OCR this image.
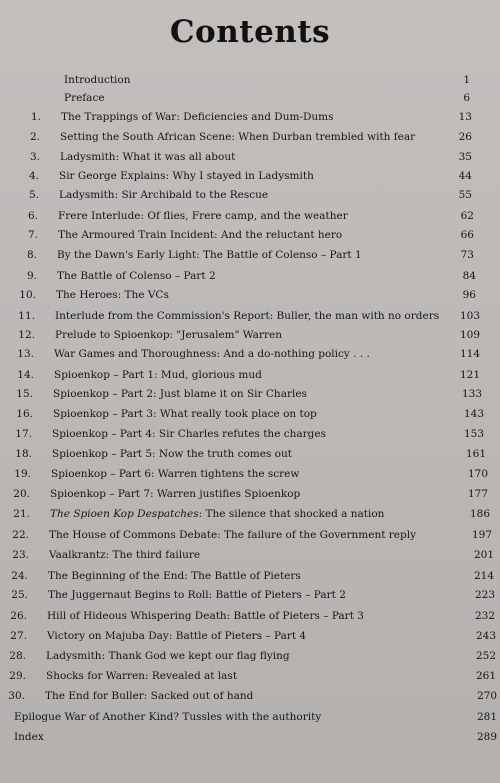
Contents
Introduction	1
Preface	6
1. The Trappings of War: Deficiencies and Dum-Dums	13
2. Setting the South African Scene: When Durban trembled with fear	26
3. Ladysmith: What it was all about	35
4. Sir George Explains: Why I stayed in Ladysmith	44
5. Ladysmith: Sir Archibald to the Rescue	55
6. Frere Interlude: Of flies, Frere camp, and the weather	62
7. The Armoured Train Incident: And the reluctant hero	66
8. By the Dawn's Early Light: The Battle of Colenso – Part 1	73
9. The Battle of Colenso – Part 2	84
10. The Heroes: The VCs	96
11. Interlude from the Commission's Report: Buller, the man with no orders	103
12. Prelude to Spioenkop: "Jerusalem" Warren	109
13. War Games and Thoroughness: And a do-nothing policy . . .	114
14. Spioenkop – Part 1: Mud, glorious mud	121
15. Spioenkop – Part 2: Just blame it on Sir Charles	133
16. Spioenkop – Part 3: What really took place on top	143
17. Spioenkop – Part 4: Sir Charles refutes the charges	153
18. Spioenkop – Part 5: Now the truth comes out	161
19. Spioenkop – Part 6: Warren tightens the screw	170
20. Spioenkop – Part 7: Warren justifies Spioenkop	177
21. The Spioen Kop Despatches: The silence that shocked a nation	186
22. The House of Commons Debate: The failure of the Government reply	197
23. Vaalkrantz: The third failure	201
24. The Beginning of the End: The Battle of Pieters	214
25. The Juggernaut Begins to Roll: Battle of Pieters – Part 2	223
26. Hill of Hideous Whispering Death: Battle of Pieters – Part 3	232
27. Victory on Majuba Day: Battle of Pieters – Part 4	243
28. Ladysmith: Thank God we kept our flag flying	252
29. Shocks for Warren: Revealed at last	261
30. The End for Buller: Sacked out of hand	270
Epilogue War of Another Kind? Tussles with the authority	281
Index	289
